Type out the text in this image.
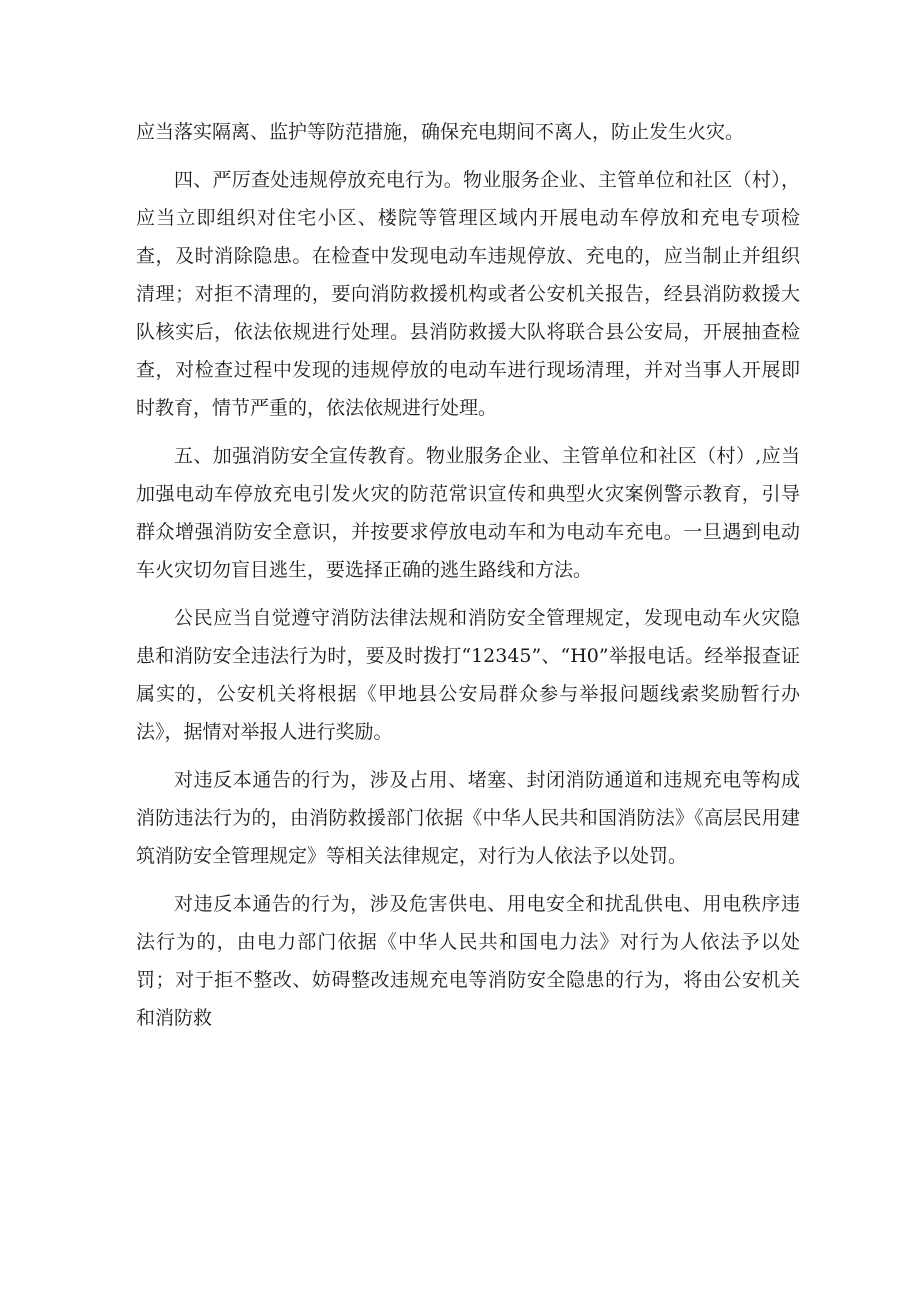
应当落实隔离、监护等防范措施，确保充电期间不离人，防止发生火灾。

四、严厉查处违规停放充电行为。物业服务企业、主管单位和社区（村），应当立即组织对住宅小区、楼院等管理区域内开展电动车停放和充电专项检查，及时消除隐患。在检查中发现电动车违规停放、充电的，应当制止并组织清理；对拒不清理的，要向消防救援机构或者公安机关报告，经县消防救援大队核实后，依法依规进行处理。县消防救援大队将联合县公安局，开展抽查检查，对检查过程中发现的违规停放的电动车进行现场清理，并对当事人开展即时教育，情节严重的，依法依规进行处理。

五、加强消防安全宣传教育。物业服务企业、主管单位和社区（村）,应当加强电动车停放充电引发火灾的防范常识宣传和典型火灾案例警示教育，引导群众增强消防安全意识，并按要求停放电动车和为电动车充电。一旦遇到电动车火灾切勿盲目逃生，要选择正确的逃生路线和方法。

公民应当自觉遵守消防法律法规和消防安全管理规定，发现电动车火灾隐患和消防安全违法行为时，要及时拨打“12345”、“H0”举报电话。经举报查证属实的，公安机关将根据《甲地县公安局群众参与举报问题线索奖励暂行办法》，据情对举报人进行奖励。

对违反本通告的行为，涉及占用、堵塞、封闭消防通道和违规充电等构成消防违法行为的，由消防救援部门依据《中华人民共和国消防法》《高层民用建筑消防安全管理规定》等相关法律规定，对行为人依法予以处罚。

对违反本通告的行为，涉及危害供电、用电安全和扰乱供电、用电秩序违法行为的，由电力部门依据《中华人民共和国电力法》对行为人依法予以处罚；对于拒不整改、妨碍整改违规充电等消防安全隐患的行为，将由公安机关和消防救
